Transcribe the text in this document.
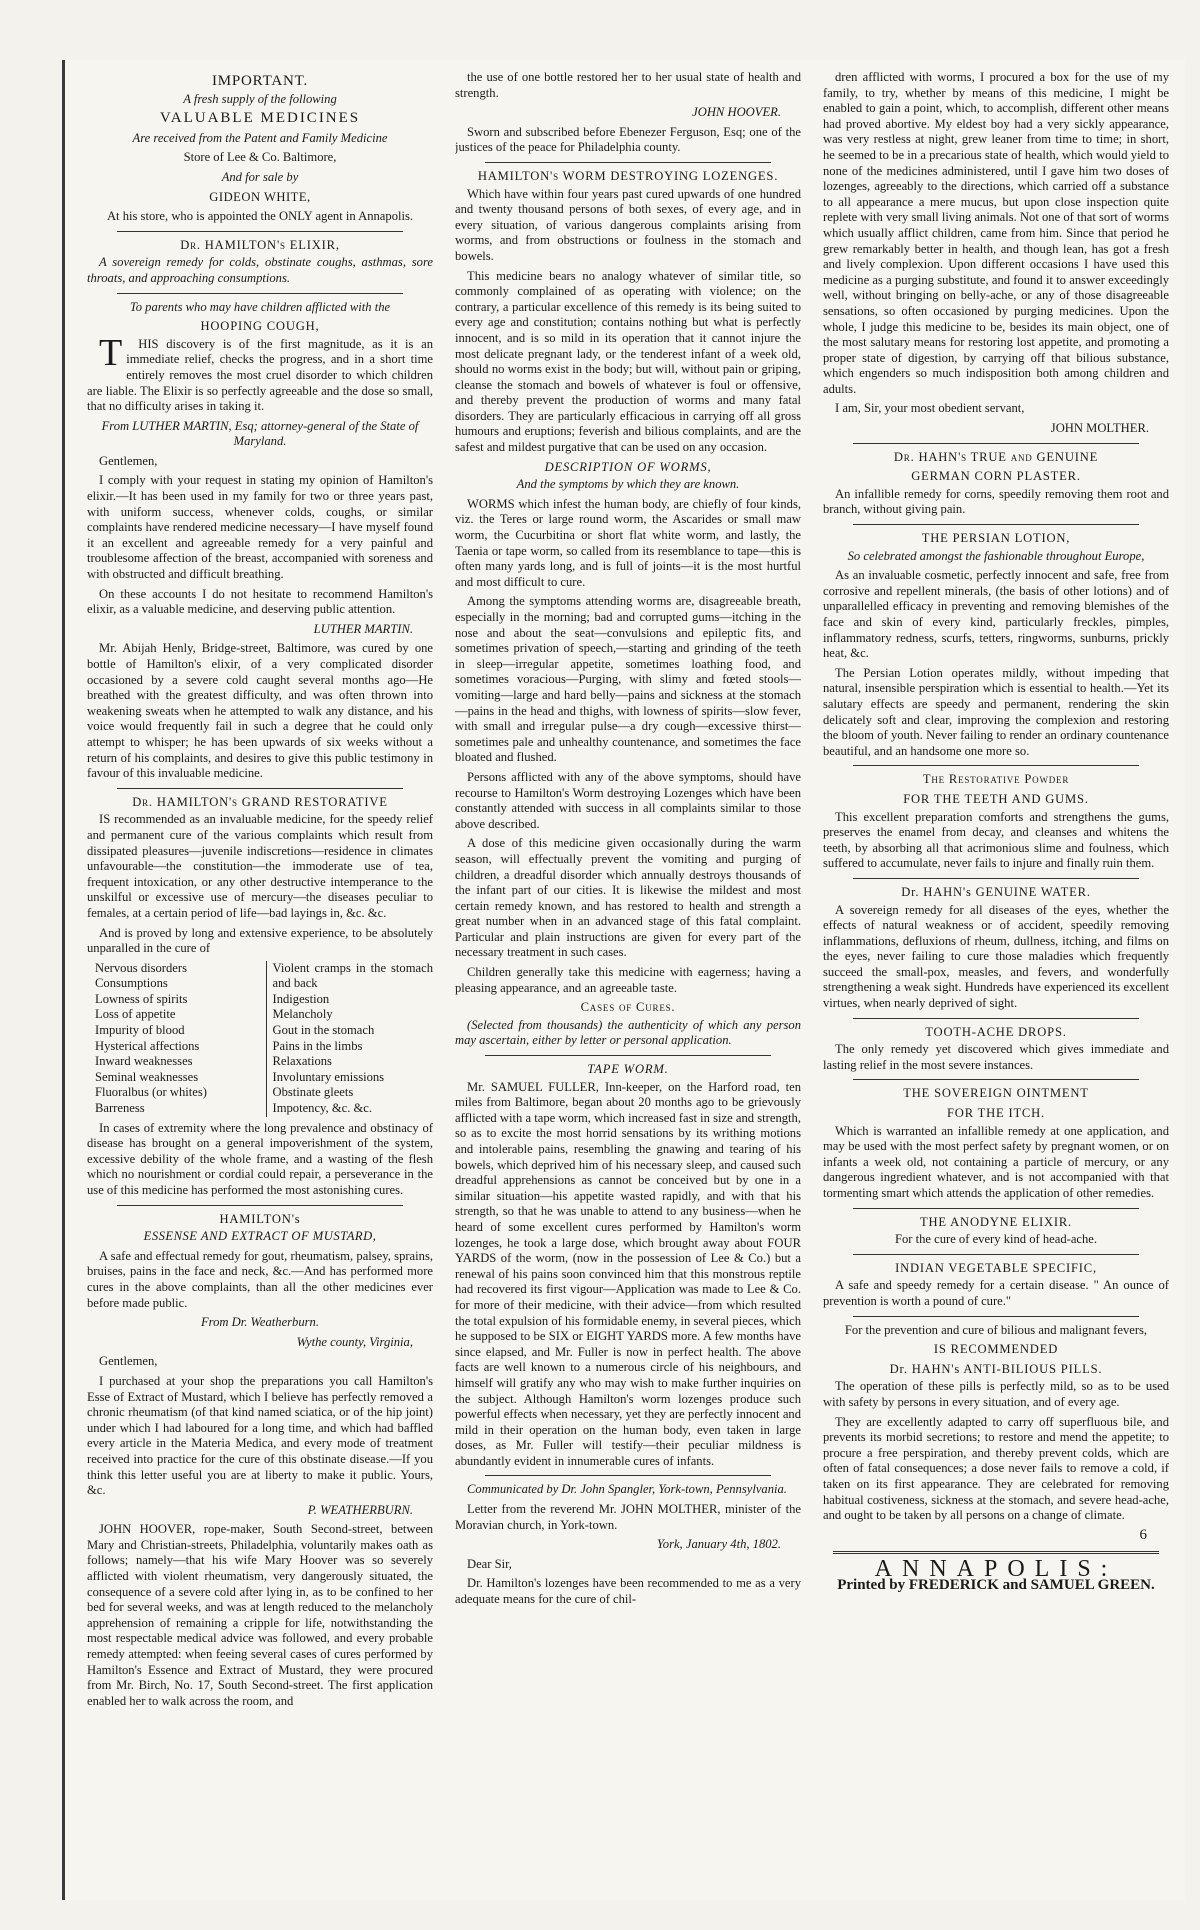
IMPORTANT.

A fresh supply of the following

VALUABLE MEDICINES

Are received from the Patent and Family Medicine

Store of Lee & Co. Baltimore,

And for sale by

GIDEON WHITE,

At his store, who is appointed the ONLY agent in Annapolis.

Dr. HAMILTON's ELIXIR,

A sovereign remedy for colds, obstinate coughs, asthmas, sore throats, and approaching consumptions.

To parents who may have children afflicted with the

HOOPING COUGH,

THIS discovery is of the first magnitude, as it is an immediate relief, checks the progress, and in a short time entirely removes the most cruel disorder to which children are liable. The Elixir is so perfectly agreeable and the dose so small, that no difficulty arises in taking it.

From LUTHER MARTIN, Esq; attorney-general of the State of Maryland.

Gentlemen,

I comply with your request in stating my opinion of Hamilton's elixir.—It has been used in my family for two or three years past, with uniform success, whenever colds, coughs, or similar complaints have rendered medicine necessary—I have myself found it an excellent and agreeable remedy for a very painful and troublesome affection of the breast, accompanied with soreness and with obstructed and difficult breathing.

On these accounts I do not hesitate to recommend Hamilton's elixir, as a valuable medicine, and deserving public attention.

LUTHER MARTIN.

Mr. Abijah Henly, Bridge-street, Baltimore, was cured by one bottle of Hamilton's elixir, of a very complicated disorder occasioned by a severe cold caught several months ago—He breathed with the greatest difficulty, and was often thrown into weakening sweats when he attempted to walk any distance, and his voice would frequently fail in such a degree that he could only attempt to whisper; he has been upwards of six weeks without a return of his complaints, and desires to give this public testimony in favour of this invaluable medicine.

Dr. HAMILTON's GRAND RESTORATIVE

IS recommended as an invaluable medicine, for the speedy relief and permanent cure of the various complaints which result from dissipated pleasures—juvenile indiscretions—residence in climates unfavourable—the constitution—the immoderate use of tea, frequent intoxication, or any other destructive intemperance to the unskilful or excessive use of mercury—the diseases peculiar to females, at a certain period of life—bad layings in, &c. &c.

And is proved by long and extensive experience, to be absolutely unparalled in the cure of

Nervous disorders
Consumptions
Lowness of spirits
Loss of appetite
Impurity of blood
Hysterical affections
Inward weaknesses
Seminal weaknesses
Fluoralbus (or whites)
Barreness
Violent cramps in the stomach and back
Indigestion
Melancholy
Gout in the stomach
Pains in the limbs
Relaxations
Involuntary emissions
Obstinate gleets
Impotency, &c. &c.

In cases of extremity where the long prevalence and obstinacy of disease has brought on a general impoverishment of the system, excessive debility of the whole frame, and a wasting of the flesh which no nourishment or cordial could repair, a perseverance in the use of this medicine has performed the most astonishing cures.

HAMILTON's

ESSENSE AND EXTRACT OF MUSTARD,

A safe and effectual remedy for gout, rheumatism, palsey, sprains, bruises, pains in the face and neck, &c.—And has performed more cures in the above complaints, than all the other medicines ever before made public.

From Dr. Weatherburn.

Wythe county, Virginia,

Gentlemen,

I purchased at your shop the preparations you call Hamilton's Esse of Extract of Mustard, which I believe has perfectly removed a chronic rheumatism (of that kind named sciatica, or of the hip joint) under which I had laboured for a long time, and which had baffled every article in the Materia Medica, and every mode of treatment received into practice for the cure of this obstinate disease.—If you think this letter useful you are at liberty to make it public. Yours, &c.

P. WEATHERBURN.

JOHN HOOVER, rope-maker, South Second-street, between Mary and Christian-streets, Philadelphia, voluntarily makes oath as follows; namely—that his wife Mary Hoover was so severely afflicted with violent rheumatism, very dangerously situated, the consequence of a severe cold after lying in, as to be confined to her bed for several weeks, and was at length reduced to the melancholy apprehension of remaining a cripple for life, notwithstanding the most respectable medical advice was followed, and every probable remedy attempted: when feeing several cases of cures performed by Hamilton's Essence and Extract of Mustard, they were procured from Mr. Birch, No. 17, South Second-street. The first application enabled her to walk across the room, and

the use of one bottle restored her to her usual state of health and strength.

JOHN HOOVER.

Sworn and subscribed before Ebenezer Ferguson, Esq; one of the justices of the peace for Philadelphia county.

HAMILTON's WORM DESTROYING LOZENGES.

Which have within four years past cured upwards of one hundred and twenty thousand persons of both sexes, of every age, and in every situation, of various dangerous complaints arising from worms, and from obstructions or foulness in the stomach and bowels.

This medicine bears no analogy whatever of similar title, so commonly complained of as operating with violence; on the contrary, a particular excellence of this remedy is its being suited to every age and constitution; contains nothing but what is perfectly innocent, and is so mild in its operation that it cannot injure the most delicate pregnant lady, or the tenderest infant of a week old, should no worms exist in the body; but will, without pain or griping, cleanse the stomach and bowels of whatever is foul or offensive, and thereby prevent the production of worms and many fatal disorders. They are particularly efficacious in carrying off all gross humours and eruptions; feverish and bilious complaints, and are the safest and mildest purgative that can be used on any occasion.

DESCRIPTION OF WORMS,

And the symptoms by which they are known.

WORMS which infest the human body, are chiefly of four kinds, viz. the Teres or large round worm, the Ascarides or small maw worm, the Cucurbitina or short flat white worm, and lastly, the Taenia or tape worm, so called from its resemblance to tape—this is often many yards long, and is full of joints—it is the most hurtful and most difficult to cure.

Among the symptoms attending worms are, disagreeable breath, especially in the morning; bad and corrupted gums—itching in the nose and about the seat—convulsions and epileptic fits, and sometimes privation of speech,—starting and grinding of the teeth in sleep—irregular appetite, sometimes loathing food, and sometimes voracious—Purging, with slimy and fœted stools—vomiting—large and hard belly—pains and sickness at the stomach—pains in the head and thighs, with lowness of spirits—slow fever, with small and irregular pulse—a dry cough—excessive thirst—sometimes pale and unhealthy countenance, and sometimes the face bloated and flushed.

Persons afflicted with any of the above symptoms, should have recourse to Hamilton's Worm destroying Lozenges which have been constantly attended with success in all complaints similar to those above described.

A dose of this medicine given occasionally during the warm season, will effectually prevent the vomiting and purging of children, a dreadful disorder which annually destroys thousands of the infant part of our cities. It is likewise the mildest and most certain remedy known, and has restored to health and strength a great number when in an advanced stage of this fatal complaint. Particular and plain instructions are given for every part of the necessary treatment in such cases.

Children generally take this medicine with eagerness; having a pleasing appearance, and an agreeable taste.

Cases of Cures.

(Selected from thousands) the authenticity of which any person may ascertain, either by letter or personal application.

TAPE WORM.

Mr. SAMUEL FULLER, Inn-keeper, on the Harford road, ten miles from Baltimore, began about 20 months ago to be grievously afflicted with a tape worm, which increased fast in size and strength, so as to excite the most horrid sensations by its writhing motions and intolerable pains, resembling the gnawing and tearing of his bowels, which deprived him of his necessary sleep, and caused such dreadful apprehensions as cannot be conceived but by one in a similar situation—his appetite wasted rapidly, and with that his strength, so that he was unable to attend to any business—when he heard of some excellent cures performed by Hamilton's worm lozenges, he took a large dose, which brought away about FOUR YARDS of the worm, (now in the possession of Lee & Co.) but a renewal of his pains soon convinced him that this monstrous reptile had recovered its first vigour—Application was made to Lee & Co. for more of their medicine, with their advice—from which resulted the total expulsion of his formidable enemy, in several pieces, which he supposed to be SIX or EIGHT YARDS more. A few months have since elapsed, and Mr. Fuller is now in perfect health. The above facts are well known to a numerous circle of his neighbours, and himself will gratify any who may wish to make further inquiries on the subject. Although Hamilton's worm lozenges produce such powerful effects when necessary, yet they are perfectly innocent and mild in their operation on the human body, even taken in large doses, as Mr. Fuller will testify—their peculiar mildness is abundantly evident in innumerable cures of infants.

Communicated by Dr. John Spangler, York-town, Pennsylvania.

Letter from the reverend Mr. JOHN MOLTHER, minister of the Moravian church, in York-town.

York, January 4th, 1802.

Dear Sir,

Dr. Hamilton's lozenges have been recommended to me as a very adequate means for the cure of chil-

dren afflicted with worms, I procured a box for the use of my family, to try, whether by means of this medicine, I might be enabled to gain a point, which, to accomplish, different other means had proved abortive. My eldest boy had a very sickly appearance, was very restless at night, grew leaner from time to time; in short, he seemed to be in a precarious state of health, which would yield to none of the medicines administered, until I gave him two doses of lozenges, agreeably to the directions, which carried off a substance to all appearance a mere mucus, but upon close inspection quite replete with very small living animals. Not one of that sort of worms which usually afflict children, came from him. Since that period he grew remarkably better in health, and though lean, has got a fresh and lively complexion. Upon different occasions I have used this medicine as a purging substitute, and found it to answer exceedingly well, without bringing on belly-ache, or any of those disagreeable sensations, so often occasioned by purging medicines. Upon the whole, I judge this medicine to be, besides its main object, one of the most salutary means for restoring lost appetite, and promoting a proper state of digestion, by carrying off that bilious substance, which engenders so much indisposition both among children and adults.

I am, Sir, your most obedient servant,

JOHN MOLTHER.

Dr. HAHN's TRUE and GENUINE
GERMAN CORN PLASTER.

An infallible remedy for corns, speedily removing them root and branch, without giving pain.

THE PERSIAN LOTION,

So celebrated amongst the fashionable throughout Europe,

As an invaluable cosmetic, perfectly innocent and safe, free from corrosive and repellent minerals, (the basis of other lotions) and of unparallelled efficacy in preventing and removing blemishes of the face and skin of every kind, particularly freckles, pimples, inflammatory redness, scurfs, tetters, ringworms, sunburns, prickly heat, &c.

The Persian Lotion operates mildly, without impeding that natural, insensible perspiration which is essential to health.—Yet its salutary effects are speedy and permanent, rendering the skin delicately soft and clear, improving the complexion and restoring the bloom of youth. Never failing to render an ordinary countenance beautiful, and an handsome one more so.

The Restorative Powder
FOR THE TEETH AND GUMS.

This excellent preparation comforts and strengthens the gums, preserves the enamel from decay, and cleanses and whitens the teeth, by absorbing all that acrimonious slime and foulness, which suffered to accumulate, never fails to injure and finally ruin them.

Dr. HAHN's GENUINE WATER.

A sovereign remedy for all diseases of the eyes, whether the effects of natural weakness or of accident, speedily removing inflammations, defluxions of rheum, dullness, itching, and films on the eyes, never failing to cure those maladies which frequently succeed the small-pox, measles, and fevers, and wonderfully strengthening a weak sight. Hundreds have experienced its excellent virtues, when nearly deprived of sight.

TOOTH-ACHE DROPS.

The only remedy yet discovered which gives immediate and lasting relief in the most severe instances.

THE SOVEREIGN OINTMENT
FOR THE ITCH.

Which is warranted an infallible remedy at one application, and may be used with the most perfect safety by pregnant women, or on infants a week old, not containing a particle of mercury, or any dangerous ingredient whatever, and is not accompanied with that tormenting smart which attends the application of other remedies.

THE ANODYNE ELIXIR.

For the cure of every kind of head-ache.

INDIAN VEGETABLE SPECIFIC,

A safe and speedy remedy for a certain disease. " An ounce of prevention is worth a pound of cure."

For the prevention and cure of bilious and malignant fevers,

IS RECOMMENDED
Dr. HAHN's ANTI-BILIOUS PILLS.

The operation of these pills is perfectly mild, so as to be used with safety by persons in every situation, and of every age.

They are excellently adapted to carry off superfluous bile, and prevents its morbid secretions; to restore and mend the appetite; to procure a free perspiration, and thereby prevent colds, which are often of fatal consequences; a dose never fails to remove a cold, if taken on its first appearance. They are celebrated for removing habitual costiveness, sickness at the stomach, and severe head-ache, and ought to be taken by all persons on a change of climate.

6

ANNAPOLIS:
Printed by FREDERICK and SAMUEL GREEN.
